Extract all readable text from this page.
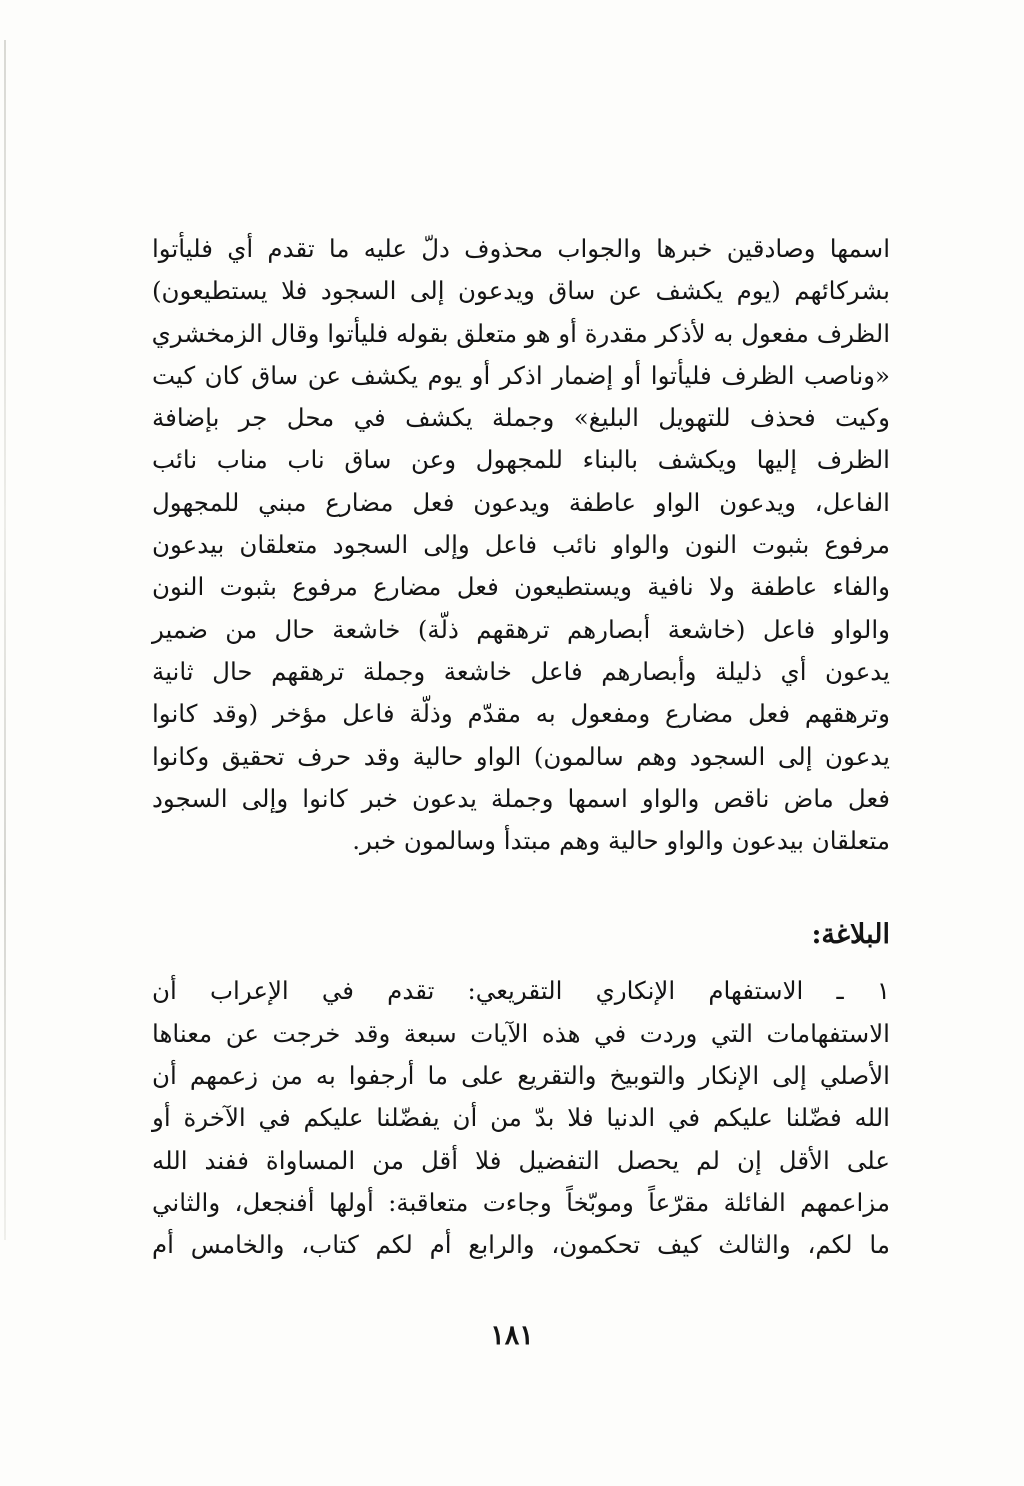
اسمها وصادقين خبرها والجواب محذوف دلّ عليه ما تقدم أي فليأتوا
بشركائهم (يوم يكشف عن ساق ويدعون إلى السجود فلا يستطيعون)
الظرف مفعول به لأذكر مقدرة أو هو متعلق بقوله فليأتوا وقال الزمخشري
«وناصب الظرف فليأتوا أو إضمار اذكر أو يوم يكشف عن ساق كان كيت
وكيت فحذف للتهويل البليغ» وجملة يكشف في محل جر بإضافة
الظرف إليها ويكشف بالبناء للمجهول وعن ساق ناب مناب نائب
الفاعل، ويدعون الواو عاطفة ويدعون فعل مضارع مبني للمجهول
مرفوع بثبوت النون والواو نائب فاعل وإلى السجود متعلقان بيدعون
والفاء عاطفة ولا نافية ويستطيعون فعل مضارع مرفوع بثبوت النون
والواو فاعل (خاشعة أبصارهم ترهقهم ذلّة) خاشعة حال من ضمير
يدعون أي ذليلة وأبصارهم فاعل خاشعة وجملة ترهقهم حال ثانية
وترهقهم فعل مضارع ومفعول به مقدّم وذلّة فاعل مؤخر (وقد كانوا
يدعون إلى السجود وهم سالمون) الواو حالية وقد حرف تحقيق وكانوا
فعل ماض ناقص والواو اسمها وجملة يدعون خبر كانوا وإلى السجود
متعلقان بيدعون والواو حالية وهم مبتدأ وسالمون خبر.

البلاغة:

١ ـ الاستفهام الإنكاري التقريعي: تقدم في الإعراب أن
الاستفهامات التي وردت في هذه الآيات سبعة وقد خرجت عن معناها
الأصلي إلى الإنكار والتوبيخ والتقريع على ما أرجفوا به من زعمهم أن
الله فضّلنا عليكم في الدنيا فلا بدّ من أن يفضّلنا عليكم في الآخرة أو
على الأقل إن لم يحصل التفضيل فلا أقل من المساواة ففند الله
مزاعمهم الفائلة مقرّعاً وموبّخاً وجاءت متعاقبة: أولها أفنجعل، والثاني
ما لكم، والثالث كيف تحكمون، والرابع أم لكم كتاب، والخامس أم

١٨١
